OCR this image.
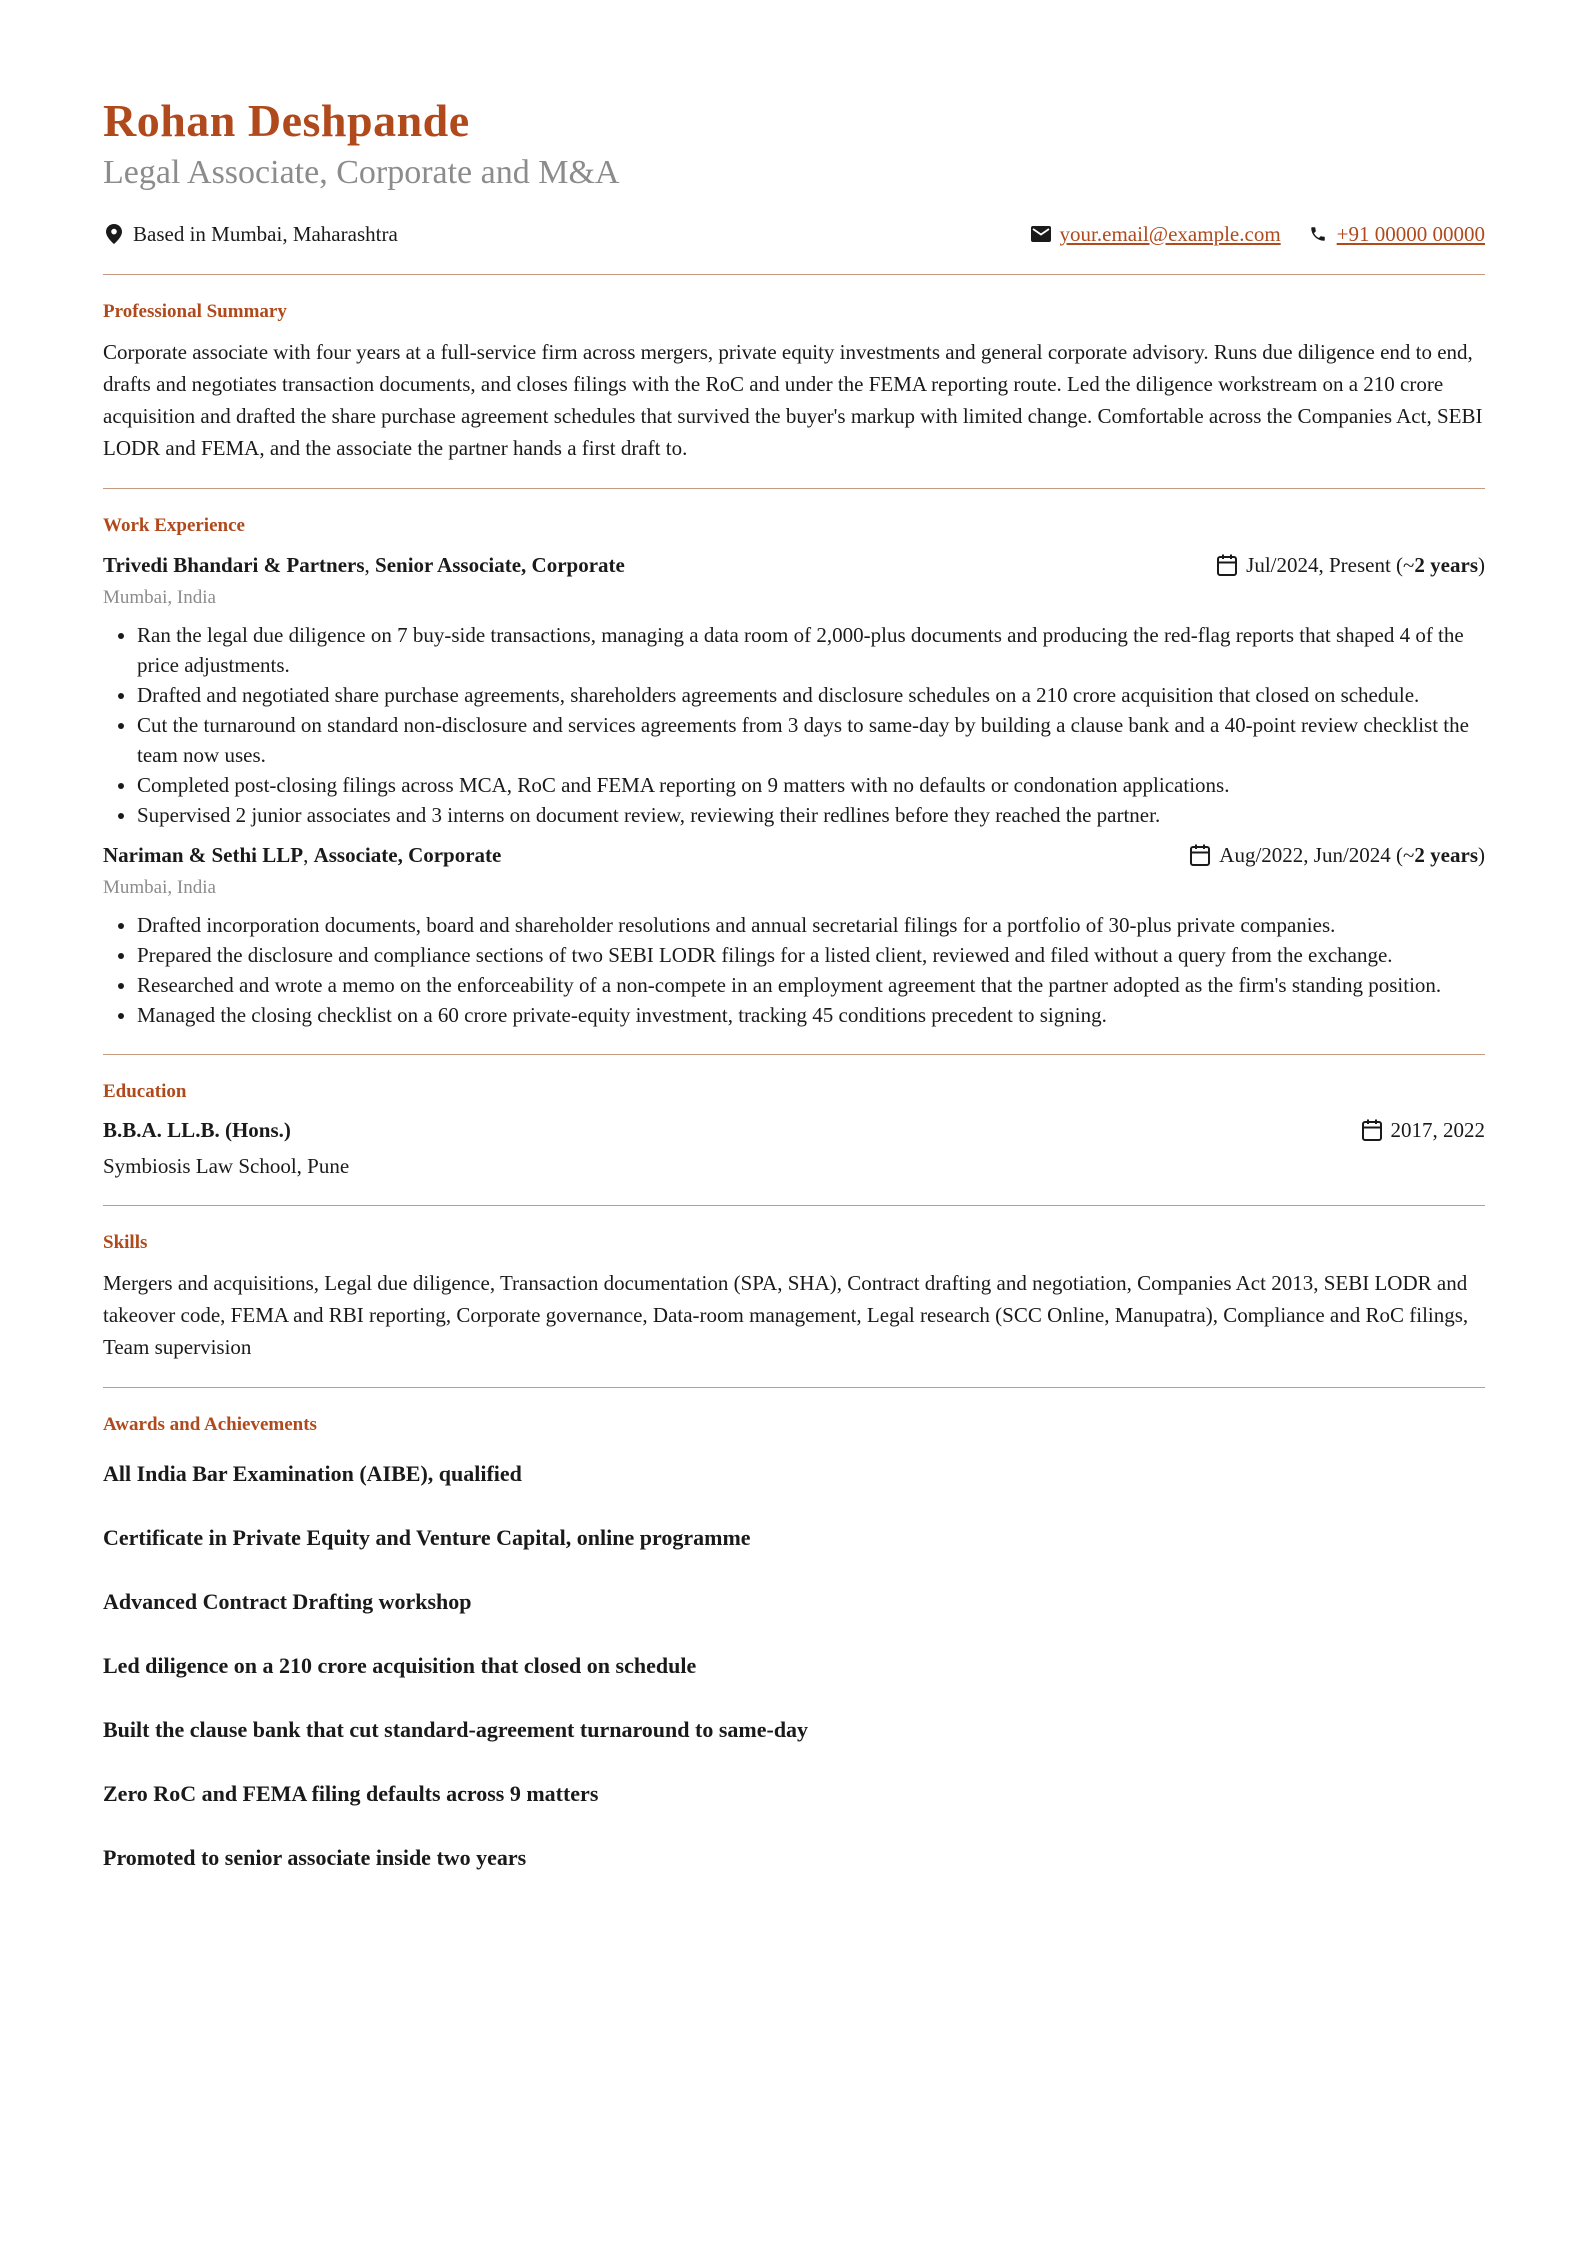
Rohan Deshpande
Legal Associate, Corporate and M&A
Based in Mumbai, Maharashtra	your.email@example.com	+91 00000 00000
Professional Summary

Corporate associate with four years at a full-service firm across mergers, private equity investments and general corporate advisory. Runs due diligence end to end, drafts and negotiates transaction documents, and closes filings with the RoC and under the FEMA reporting route. Led the diligence workstream on a 210 crore acquisition and drafted the share purchase agreement schedules that survived the buyer's markup with limited change. Comfortable across the Companies Act, SEBI LODR and FEMA, and the associate the partner hands a first draft to.

Work Experience
Trivedi Bhandari & Partners, Senior Associate, Corporate	Jul/2024, Present (~ 2 years )
Mumbai, India
• Ran the legal due diligence on 7 buy-side transactions, managing a data room of 2,000-plus documents and producing the red-flag reports that shaped 4 of the price adjustments.
• Drafted and negotiated share purchase agreements, shareholders agreements and disclosure schedules on a 210 crore acquisition that closed on schedule.
• Cut the turnaround on standard non-disclosure and services agreements from 3 days to same-day by building a clause bank and a 40-point review checklist the team now uses.
• Completed post-closing filings across MCA, RoC and FEMA reporting on 9 matters with no defaults or condonation applications.
• Supervised 2 junior associates and 3 interns on document review, reviewing their redlines before they reached the partner.
Nariman & Sethi LLP, Associate, Corporate	Aug/2022, Jun/2024 (~ 2 years )
Mumbai, India
• Drafted incorporation documents, board and shareholder resolutions and annual secretarial filings for a portfolio of 30-plus private companies.
• Prepared the disclosure and compliance sections of two SEBI LODR filings for a listed client, reviewed and filed without a query from the exchange.
• Researched and wrote a memo on the enforceability of a non-compete in an employment agreement that the partner adopted as the firm's standing position.
• Managed the closing checklist on a 60 crore private-equity investment, tracking 45 conditions precedent to signing.
Education
B.B.A. LL.B. (Hons.)	2017, 2022
Symbiosis Law School, Pune
Skills

Mergers and acquisitions, Legal due diligence, Transaction documentation (SPA, SHA), Contract drafting and negotiation, Companies Act 2013, SEBI LODR and takeover code, FEMA and RBI reporting, Corporate governance, Data-room management, Legal research (SCC Online, Manupatra), Compliance and RoC filings, Team supervision

Awards and Achievements

All India Bar Examination (AIBE), qualified

Certificate in Private Equity and Venture Capital, online programme

Advanced Contract Drafting workshop

Led diligence on a 210 crore acquisition that closed on schedule

Built the clause bank that cut standard-agreement turnaround to same-day

Zero RoC and FEMA filing defaults across 9 matters

Promoted to senior associate inside two years
